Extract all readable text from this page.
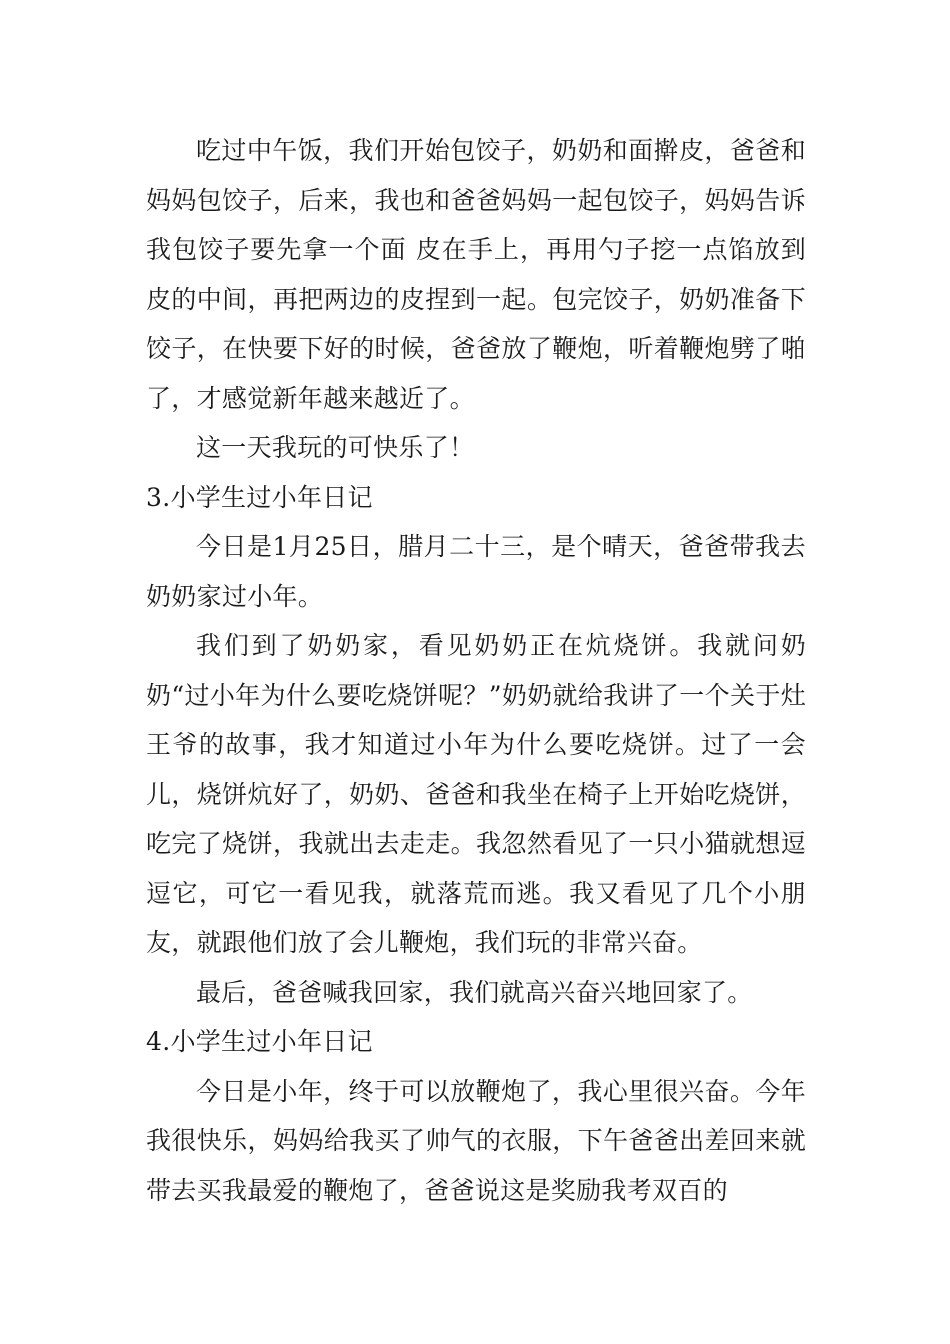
吃过中午饭，我们开始包饺子，奶奶和面擀皮，爸爸和妈妈包饺子，后来，我也和爸爸妈妈一起包饺子，妈妈告诉我包饺子要先拿一个面 皮在手上，再用勺子挖一点馅放到皮的中间，再把两边的皮捏到一起。包完饺子，奶奶准备下饺子，在快要下好的时候，爸爸放了鞭炮，听着鞭炮劈了啪了，才感觉新年越来越近了。

这一天我玩的可快乐了！

3.小学生过小年日记

今日是1月25日，腊月二十三，是个晴天，爸爸带我去奶奶家过小年。

我们到了奶奶家，看见奶奶正在炕烧饼。我就问奶奶“过小年为什么要吃烧饼呢？”奶奶就给我讲了一个关于灶王爷的故事，我才知道过小年为什么要吃烧饼。过了一会儿，烧饼炕好了，奶奶、爸爸和我坐在椅子上开始吃烧饼，吃完了烧饼，我就出去走走。我忽然看见了一只小猫就想逗逗它，可它一看见我，就落荒而逃。我又看见了几个小朋友，就跟他们放了会儿鞭炮，我们玩的非常兴奋。

最后，爸爸喊我回家，我们就高兴奋兴地回家了。

4.小学生过小年日记

今日是小年，终于可以放鞭炮了，我心里很兴奋。今年我很快乐，妈妈给我买了帅气的衣服，下午爸爸出差回来就带去买我最爱的鞭炮了，爸爸说这是奖励我考双百的
